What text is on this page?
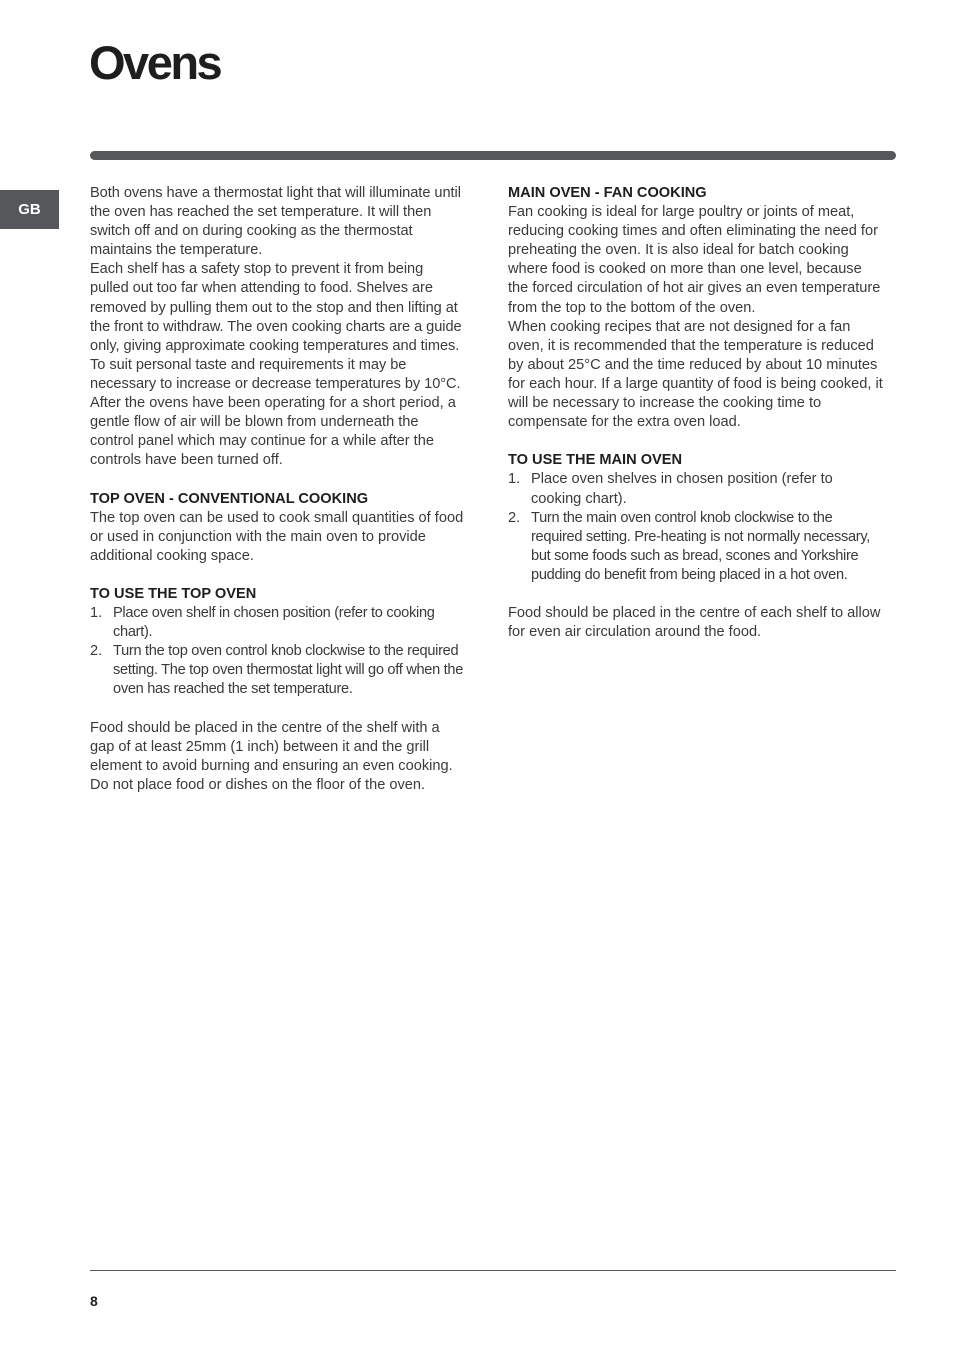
Ovens
GB

Both ovens have a thermostat light that will illuminate until the oven has reached the set temperature. It will then switch off and on during cooking as the thermostat maintains the temperature.

Each shelf has a safety stop to prevent it from being pulled out too far when attending to food. Shelves are removed by pulling them out to the stop and then lifting at the front to withdraw. The oven cooking charts are a guide only, giving approximate cooking temperatures and times. To suit personal taste and requirements it may be necessary to increase or decrease temperatures by 10°C.

After the ovens have been operating for a short period, a gentle flow of air will be blown from underneath the control panel which may continue for a while after the controls have been turned off.

TOP OVEN - CONVENTIONAL COOKING

The top oven can be used to cook small quantities of food or used in conjunction with the main oven to provide additional cooking space.

TO USE THE TOP OVEN
1. Place oven shelf in chosen position (refer to cooking chart).
2. Turn the top oven control knob clockwise to the required setting. The top oven thermostat light will go off when the oven has reached the set temperature.

Food should be placed in the centre of the shelf with a gap of at least 25mm (1 inch) between it and the grill element to avoid burning and ensuring an even cooking.

Do not place food or dishes on the floor of the oven.

MAIN OVEN - FAN COOKING

Fan cooking is ideal for large poultry or joints of meat, reducing cooking times and often eliminating the need for preheating the oven. It is also ideal for batch cooking where food is cooked on more than one level, because the forced circulation of hot air gives an even temperature from the top to the bottom of the oven.

When cooking recipes that are not designed for a fan oven, it is recommended that the temperature is reduced by about 25°C and the time reduced by about 10 minutes for each hour. If a large quantity of food is being cooked, it will be necessary to increase the cooking time to compensate for the extra oven load.

TO USE THE MAIN OVEN
1. Place oven shelves in chosen position (refer to cooking chart).
2. Turn the main oven control knob clockwise to the required setting. Pre-heating is not normally necessary, but some foods such as bread, scones and Yorkshire pudding do benefit from being placed in a hot oven.

Food should be placed in the centre of each shelf to allow for even air circulation around the food.

8
